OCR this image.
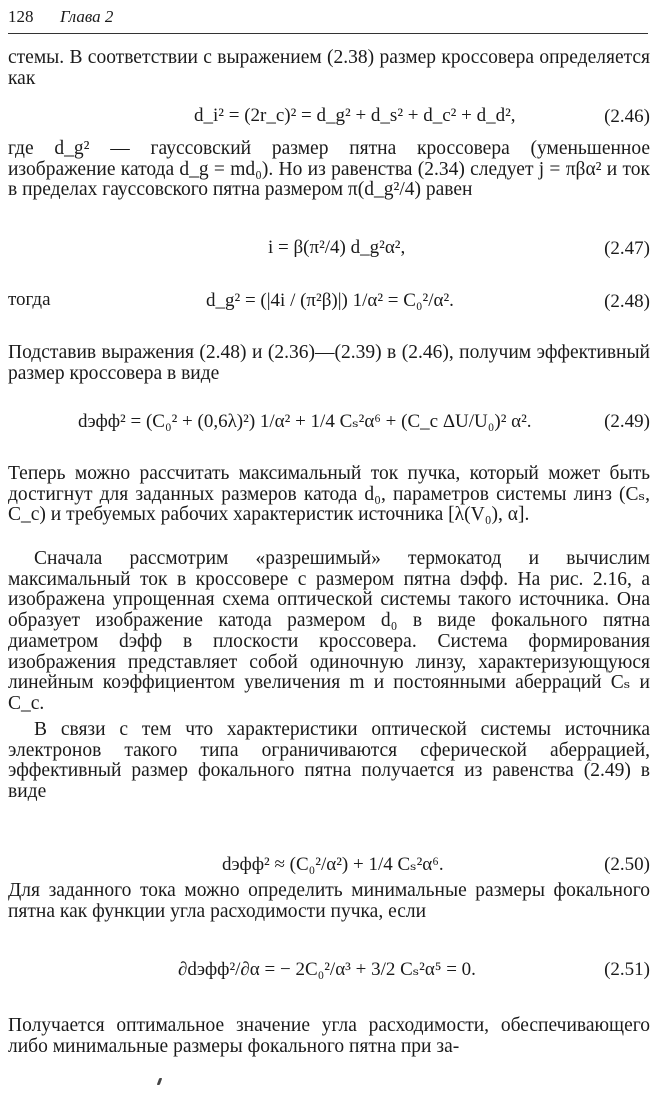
128 Глава 2
стемы. В соответствии с выражением (2.38) размер кроссовера определяется как
d_i² = (2r_c)² = d_g² + d_s² + d_c² + d_d²,	(2.46)
где d_g² — гауссовский размер пятна кроссовера (уменьшенное изображение катода d_g = md₀). Но из равенства (2.34) следует j = πβα² и ток в пределах гауссовского пятна размером π(d_g²/4) равен
i = β(π²/4) d_g²α²,	(2.47)
тогда	d_g² = (|4i / (π²β)|) 1/α² = C₀²/α².	(2.48)
Подставив выражения (2.48) и (2.36)—(2.39) в (2.46), получим эффективный размер кроссовера в виде
dэфф² = (C₀² + (0,6λ)²) 1/α² + 1/4 Cₛ²α⁶ + (C_c ΔU/U₀)² α².	(2.49)
Теперь можно рассчитать максимальный ток пучка, который может быть достигнут для заданных размеров катода d₀, параметров системы линз (Cₛ, C_c) и требуемых рабочих характеристик источника [λ(V₀), α].
Сначала рассмотрим «разрешимый» термокатод и вычислим максимальный ток в кроссовере с размером пятна dэфф. На рис. 2.16, а изображена упрощенная схема оптической системы такого источника. Она образует изображение катода размером d₀ в виде фокального пятна диаметром dэфф в плоскости кроссовера. Система формирования изображения представляет собой одиночную линзу, характеризующуюся линейным коэффициентом увеличения m и постоянными аберраций Cₛ и C_c.
В связи с тем что характеристики оптической системы источника электронов такого типа ограничиваются сферической аберрацией, эффективный размер фокального пятна получается из равенства (2.49) в виде
dэфф² ≈ (C₀²/α²) + 1/4 Cₛ²α⁶.	(2.50)
Для заданного тока можно определить минимальные размеры фокального пятна как функции угла расходимости пучка, если
∂dэфф²/∂α = − 2C₀²/α³ + 3/2 Cₛ²α⁵ = 0.	(2.51)
Получается оптимальное значение угла расходимости, обеспечивающего либо минимальные размеры фокального пятна при за-
